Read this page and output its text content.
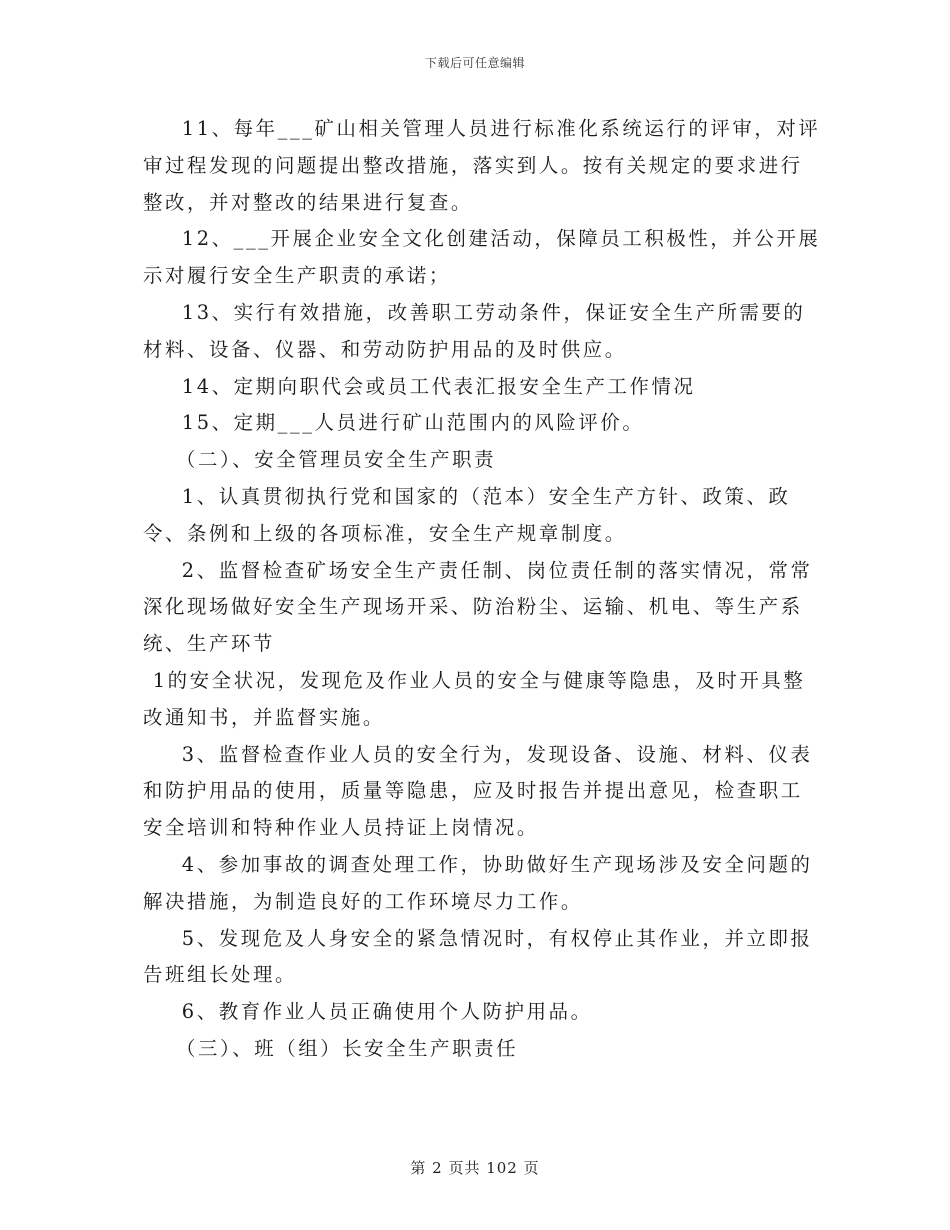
下载后可任意编辑

11、每年___矿山相关管理人员进行标准化系统运行的评审，对评审过程发现的问题提出整改措施，落实到人。按有关规定的要求进行整改，并对整改的结果进行复查。

12、___开展企业安全文化创建活动，保障员工积极性，并公开展示对履行安全生产职责的承诺；

13、实行有效措施，改善职工劳动条件，保证安全生产所需要的材料、设备、仪器、和劳动防护用品的及时供应。

14、定期向职代会或员工代表汇报安全生产工作情况

15、定期___人员进行矿山范围内的风险评价。

（二）、安全管理员安全生产职责

1、认真贯彻执行党和国家的（范本）安全生产方针、政策、政令、条例和上级的各项标准，安全生产规章制度。

2、监督检查矿场安全生产责任制、岗位责任制的落实情况，常常深化现场做好安全生产现场开采、防治粉尘、运输、机电、等生产系统、生产环节

1的安全状况，发现危及作业人员的安全与健康等隐患，及时开具整改通知书，并监督实施。

3、监督检查作业人员的安全行为，发现设备、设施、材料、仪表和防护用品的使用，质量等隐患，应及时报告并提出意见，检查职工安全培训和特种作业人员持证上岗情况。

4、参加事故的调查处理工作，协助做好生产现场涉及安全问题的解决措施，为制造良好的工作环境尽力工作。

5、发现危及人身安全的紧急情况时，有权停止其作业，并立即报告班组长处理。

6、教育作业人员正确使用个人防护用品。

（三）、班（组）长安全生产职责任

第 2 页共 102 页
